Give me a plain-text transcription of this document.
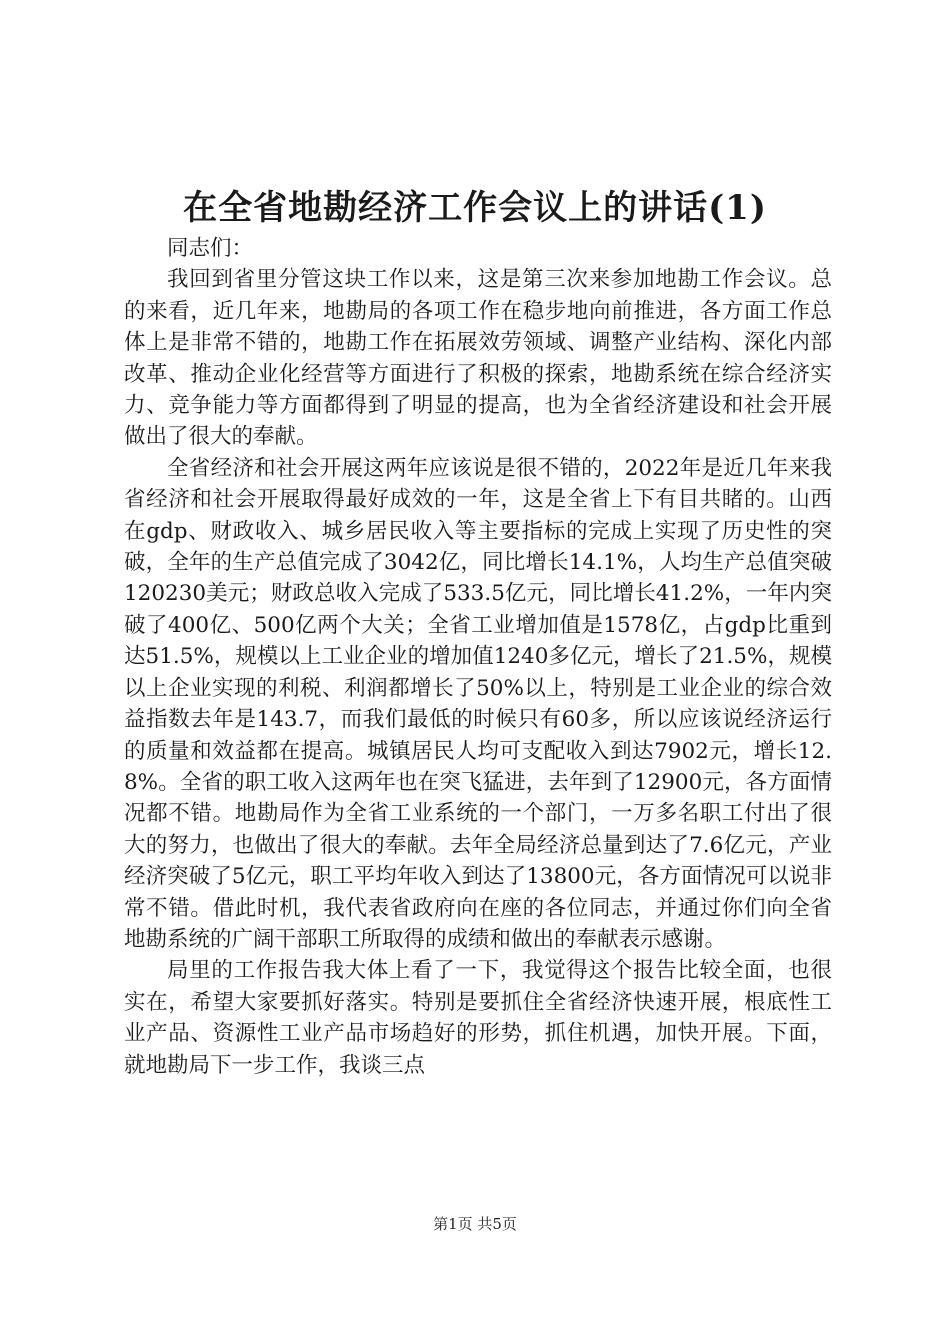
在全省地勘经济工作会议上的讲话(1)

同志们：

我回到省里分管这块工作以来，这是第三次来参加地勘工作会议。总的来看，近几年来，地勘局的各项工作在稳步地向前推进，各方面工作总体上是非常不错的，地勘工作在拓展效劳领域、调整产业结构、深化内部改革、推动企业化经营等方面进行了积极的探索，地勘系统在综合经济实力、竞争能力等方面都得到了明显的提高，也为全省经济建设和社会开展做出了很大的奉献。

全省经济和社会开展这两年应该说是很不错的，2022年是近几年来我省经济和社会开展取得最好成效的一年，这是全省上下有目共睹的。山西在gdp、财政收入、城乡居民收入等主要指标的完成上实现了历史性的突破，全年的生产总值完成了3042亿，同比增长14.1%，人均生产总值突破120230美元；财政总收入完成了533.5亿元，同比增长41.2%，一年内突破了400亿、500亿两个大关；全省工业增加值是1578亿，占gdp比重到达51.5%，规模以上工业企业的增加值1240多亿元，增长了21.5%，规模以上企业实现的利税、利润都增长了50%以上，特别是工业企业的综合效益指数去年是143.7，而我们最低的时候只有60多，所以应该说经济运行的质量和效益都在提高。城镇居民人均可支配收入到达7902元，增长12.8%。全省的职工收入这两年也在突飞猛进，去年到了12900元，各方面情况都不错。地勘局作为全省工业系统的一个部门，一万多名职工付出了很大的努力，也做出了很大的奉献。去年全局经济总量到达了7.6亿元，产业经济突破了5亿元，职工平均年收入到达了13800元，各方面情况可以说非常不错。借此时机，我代表省政府向在座的各位同志，并通过你们向全省地勘系统的广阔干部职工所取得的成绩和做出的奉献表示感谢。

局里的工作报告我大体上看了一下，我觉得这个报告比较全面，也很实在，希望大家要抓好落实。特别是要抓住全省经济快速开展，根底性工业产品、资源性工业产品市场趋好的形势，抓住机遇，加快开展。下面，就地勘局下一步工作，我谈三点

第1页 共5页
